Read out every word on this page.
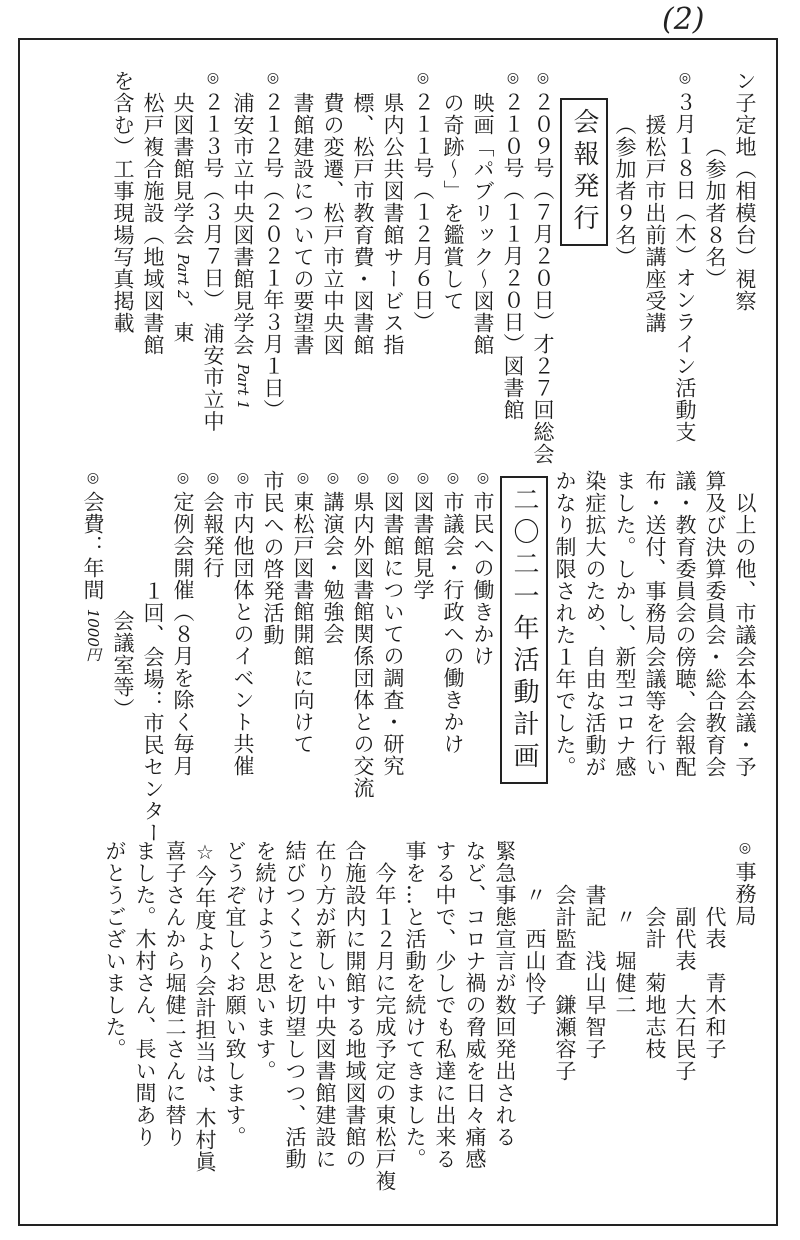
(2)
ン子定地（相模台）視察
（参加者８名）
◎３月１８日（木）オンライン活動支
援松戸市出前講座受講
（参加者９名）
会報発行
◎２０９号（７月２０日）才２７回総会
◎２１０号（１１月２０日）図書館
映画「パブリック～図書館
の奇跡～」を鑑賞して
◎２１１号（１２月６日）
県内公共図書館サービス指
標、松戸市教育費・図書館
費の変遷、松戸市立中央図
書館建設についての要望書
◎２１２号（２０２１年３月１日）
浦安市立中央図書館見学会 Part 1
◎２１３号（３月７日）　浦安市立中
央図書館見学会 Part 2、東
松戸複合施設（地域図書館
を含む）工事現場写真掲載
以上の他、市議会本会議・予
算及び決算委員会・総合教育会
議・教育委員会の傍聴、会報配
布・送付、事務局会議等を行い
ました。しかし、新型コロナ感
染症拡大のため、自由な活動が
かなり制限された１年でした。
二〇二一年活動計画
◎市民への働きかけ
◎市議会・行政への働きかけ
◎図書館見学
◎図書館についての調査・研究
◎県内外図書館関係団体との交流
◎講演会・勉強会
◎東松戸図書館開館に向けて
市民への啓発活動
◎市内他団体とのイベント共催
◎会報発行
◎定例会開催（８月を除く毎月
１回、会場：市民センター
会議室等）
◎会費：年間 1000円
◎事務局
代表　青木和子
副代表　大石民子
会計　菊地志枝
〃　堀健二
書記　浅山早智子
会計監査　鎌瀬容子
〃　西山怜子
緊急事態宣言が数回発出される
など、コロナ禍の脅威を日々痛感
する中で、少しでも私達に出来る
事を…と活動を続けてきました。
今年１２月に完成予定の東松戸複
合施設内に開館する地域図書館の
在り方が新しい中央図書館建設に
結びつくことを切望しつつ、活動
を続けようと思います。
どうぞ宜しくお願い致します。
☆今年度より会計担当は、木村眞
喜子さんから堀健二さんに替り
ました。木村さん、長い間あり
がとうございました。
